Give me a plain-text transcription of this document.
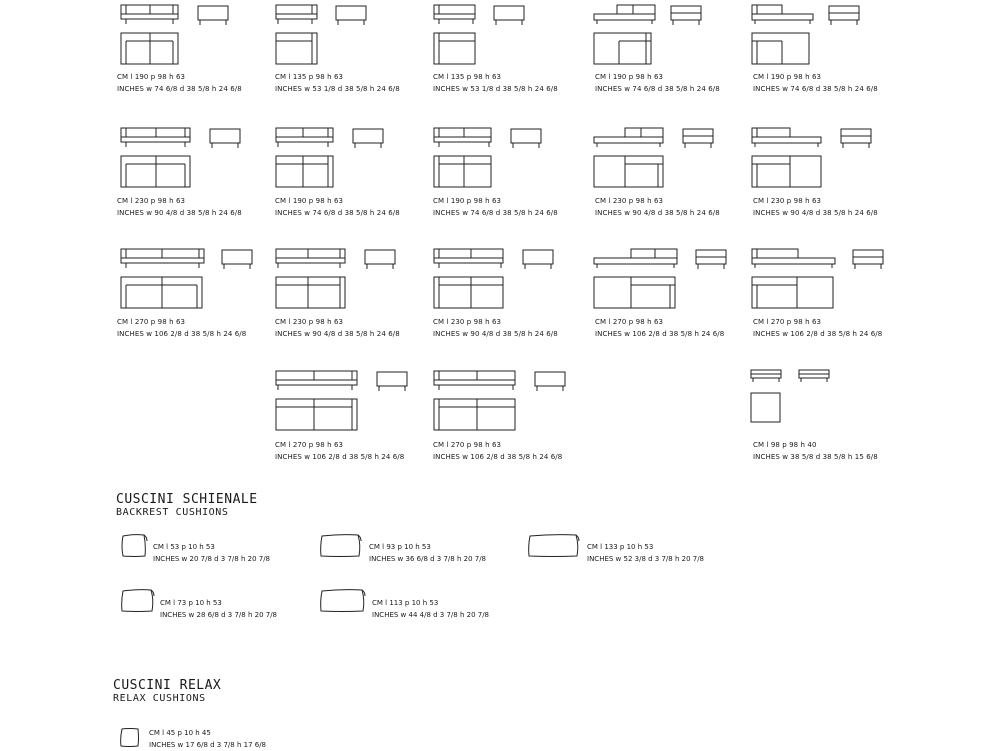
CM l 190 p 98 h 63
INCHES w 74 6/8 d 38 5/8 h 24 6/8
CM l 135 p 98 h 63
INCHES w 53 1/8 d 38 5/8 h 24 6/8
CM l 135 p 98 h 63
INCHES w 53 1/8 d 38 5/8 h 24 6/8
CM l 190 p 98 h 63
INCHES w 74 6/8 d 38 5/8 h 24 6/8
CM l 190 p 98 h 63
INCHES w 74 6/8 d 38 5/8 h 24 6/8
CM l 230 p 98 h 63
INCHES w 90 4/8 d 38 5/8 h 24 6/8
CM l 190 p 98 h 63
INCHES w 74 6/8 d 38 5/8 h 24 6/8
CM l 190 p 98 h 63
INCHES w 74 6/8 d 38 5/8 h 24 6/8
CM l 230 p 98 h 63
INCHES w 90 4/8 d 38 5/8 h 24 6/8
CM l 230 p 98 h 63
INCHES w 90 4/8 d 38 5/8 h 24 6/8
CM l 270 p 98 h 63
INCHES w 106 2/8 d 38 5/8 h 24 6/8
CM l 230 p 98 h 63
INCHES w 90 4/8 d 38 5/8 h 24 6/8
CM l 230 p 98 h 63
INCHES w 90 4/8 d 38 5/8 h 24 6/8
CM l 270 p 98 h 63
INCHES w 106 2/8 d 38 5/8 h 24 6/8
CM l 270 p 98 h 63
INCHES w 106 2/8 d 38 5/8 h 24 6/8
CM l 270 p 98 h 63
INCHES w 106 2/8 d 38 5/8 h 24 6/8
CM l 270 p 98 h 63
INCHES w 106 2/8 d 38 5/8 h 24 6/8
CM l 98 p 98 h 40
INCHES w 38 5/8 d 38 5/8 h 15 6/8
CUSCINI SCHIENALE
BACKREST CUSHIONS
CM l 53 p 10 h 53
INCHES w 20 7/8 d 3 7/8 h 20 7/8
CM l 93 p 10 h 53
INCHES w 36 6/8 d 3 7/8 h 20 7/8
CM l 133 p 10 h 53
INCHES w 52 3/8 d 3 7/8 h 20 7/8
CM l 73 p 10 h 53
INCHES w 28 6/8 d 3 7/8 h 20 7/8
CM l 113 p 10 h 53
INCHES w 44 4/8 d 3 7/8 h 20 7/8
CUSCINI RELAX
RELAX CUSHIONS
CM l 45 p 10 h 45
INCHES w 17 6/8 d 3 7/8 h 17 6/8
